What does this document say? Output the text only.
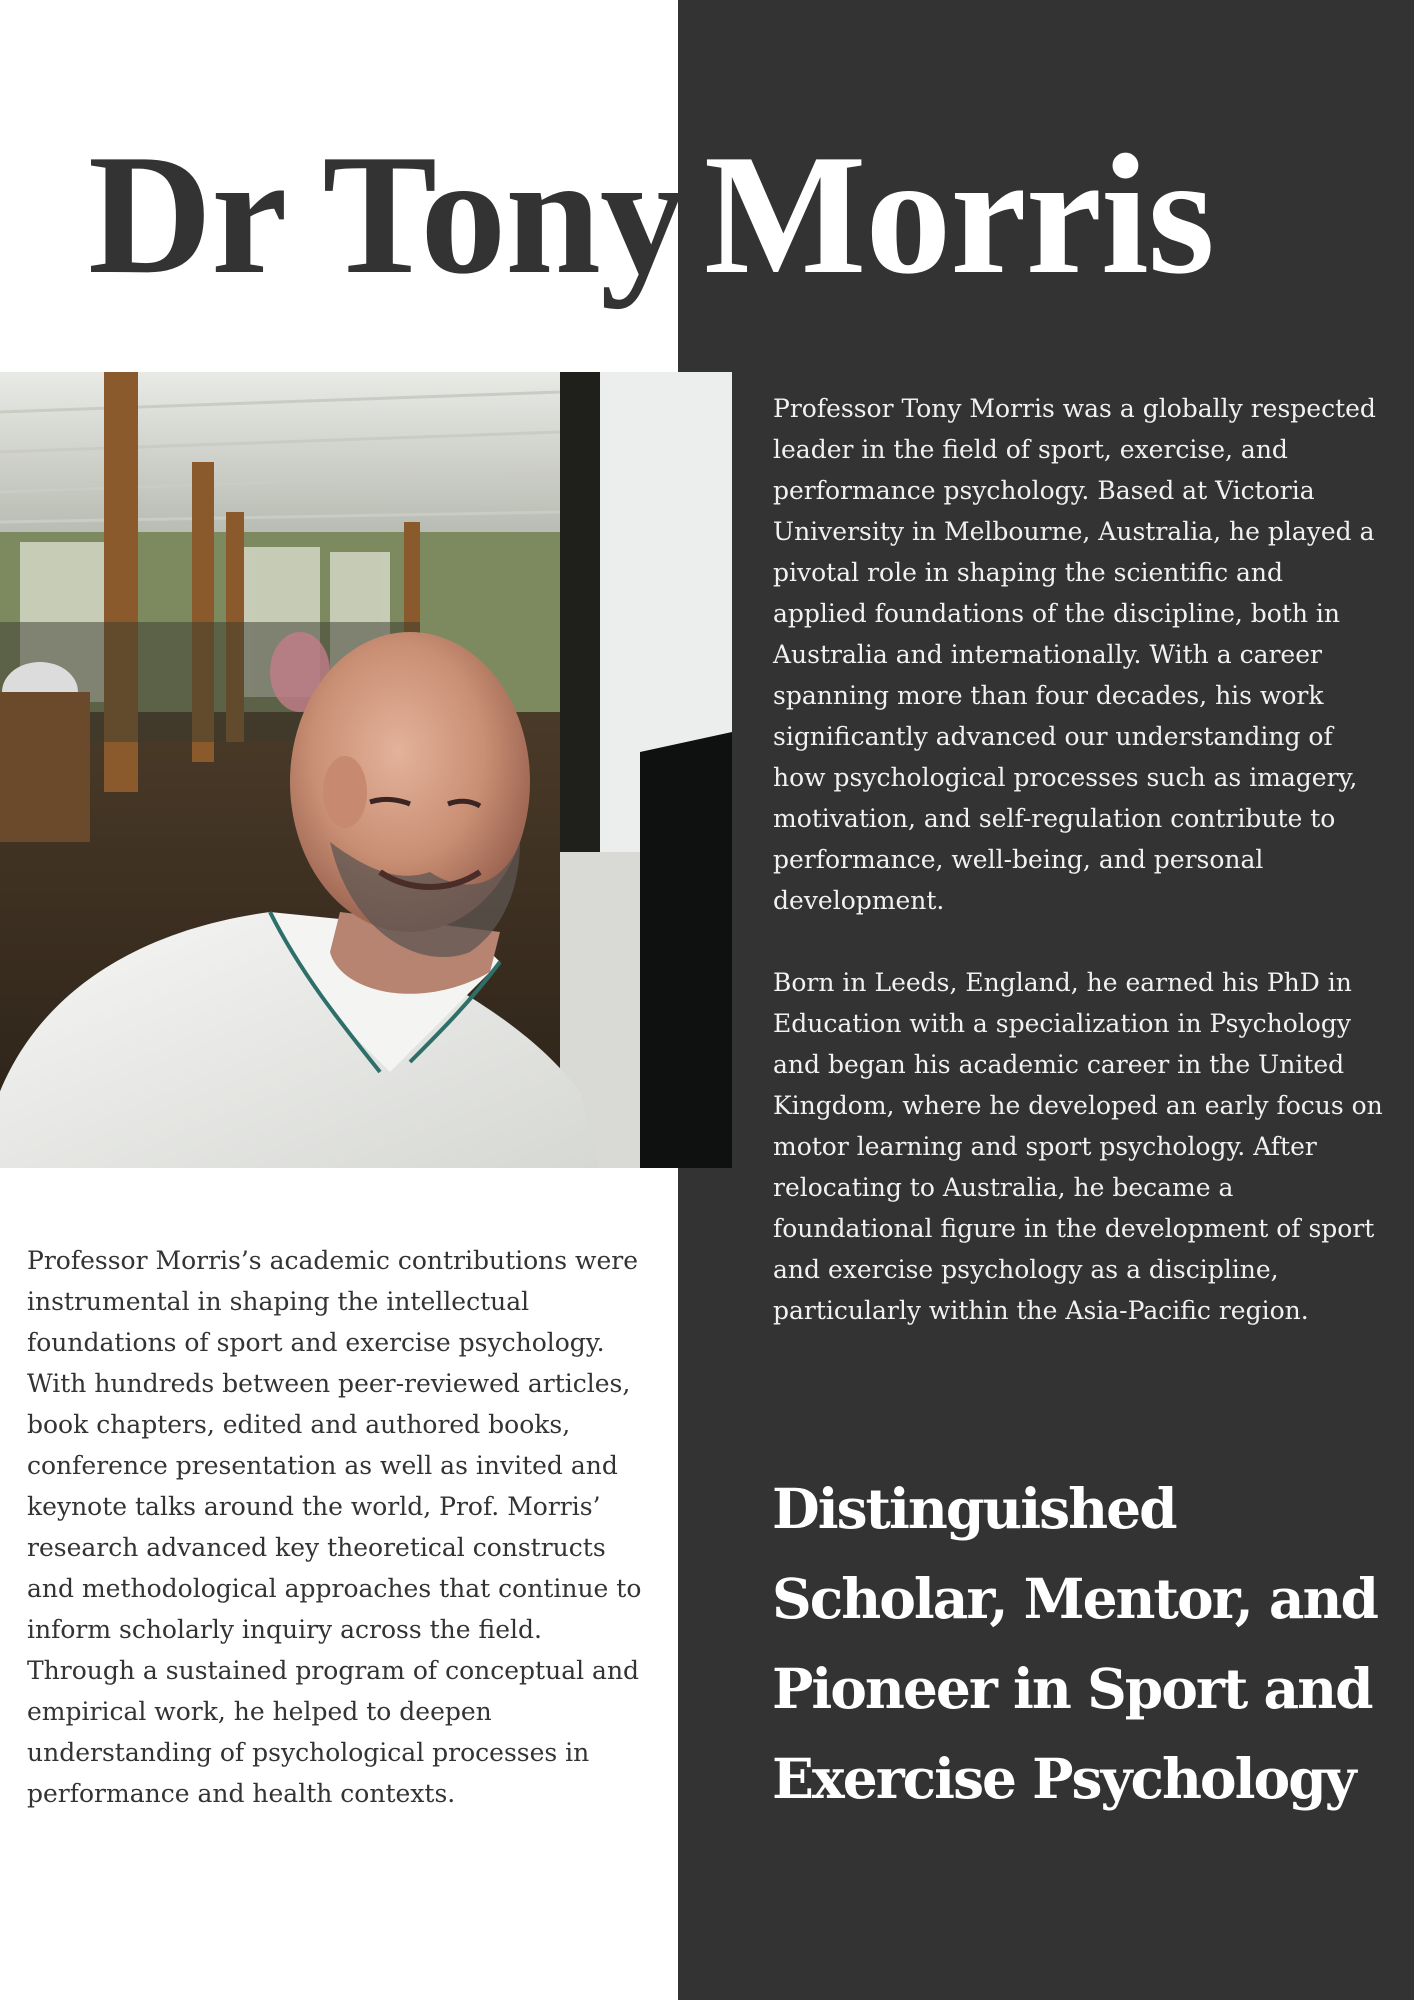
Dr Tony Morris

Professor Tony Morris was a globally respected leader in the field of sport, exercise, and performance psychology. Based at Victoria University in Melbourne, Australia, he played a pivotal role in shaping the scientific and applied foundations of the discipline, both in Australia and internationally. With a career spanning more than four decades, his work significantly advanced our understanding of how psychological processes such as imagery, motivation, and self-regulation contribute to performance, well-being, and personal development.

Born in Leeds, England, he earned his PhD in Education with a specialization in Psychology and began his academic career in the United Kingdom, where he developed an early focus on motor learning and sport psychology. After relocating to Australia, he became a foundational figure in the development of sport and exercise psychology as a discipline, particularly within the Asia-Pacific region.

Professor Morris’s academic contributions were instrumental in shaping the intellectual foundations of sport and exercise psychology. With hundreds between peer-reviewed articles, book chapters, edited and authored books, conference presentation as well as invited and keynote talks around the world, Prof. Morris’ research advanced key theoretical constructs and methodological approaches that continue to inform scholarly inquiry across the field. Through a sustained program of conceptual and empirical work, he helped to deepen understanding of psychological processes in performance and health contexts.

Distinguished Scholar, Mentor, and Pioneer in Sport and Exercise Psychology
